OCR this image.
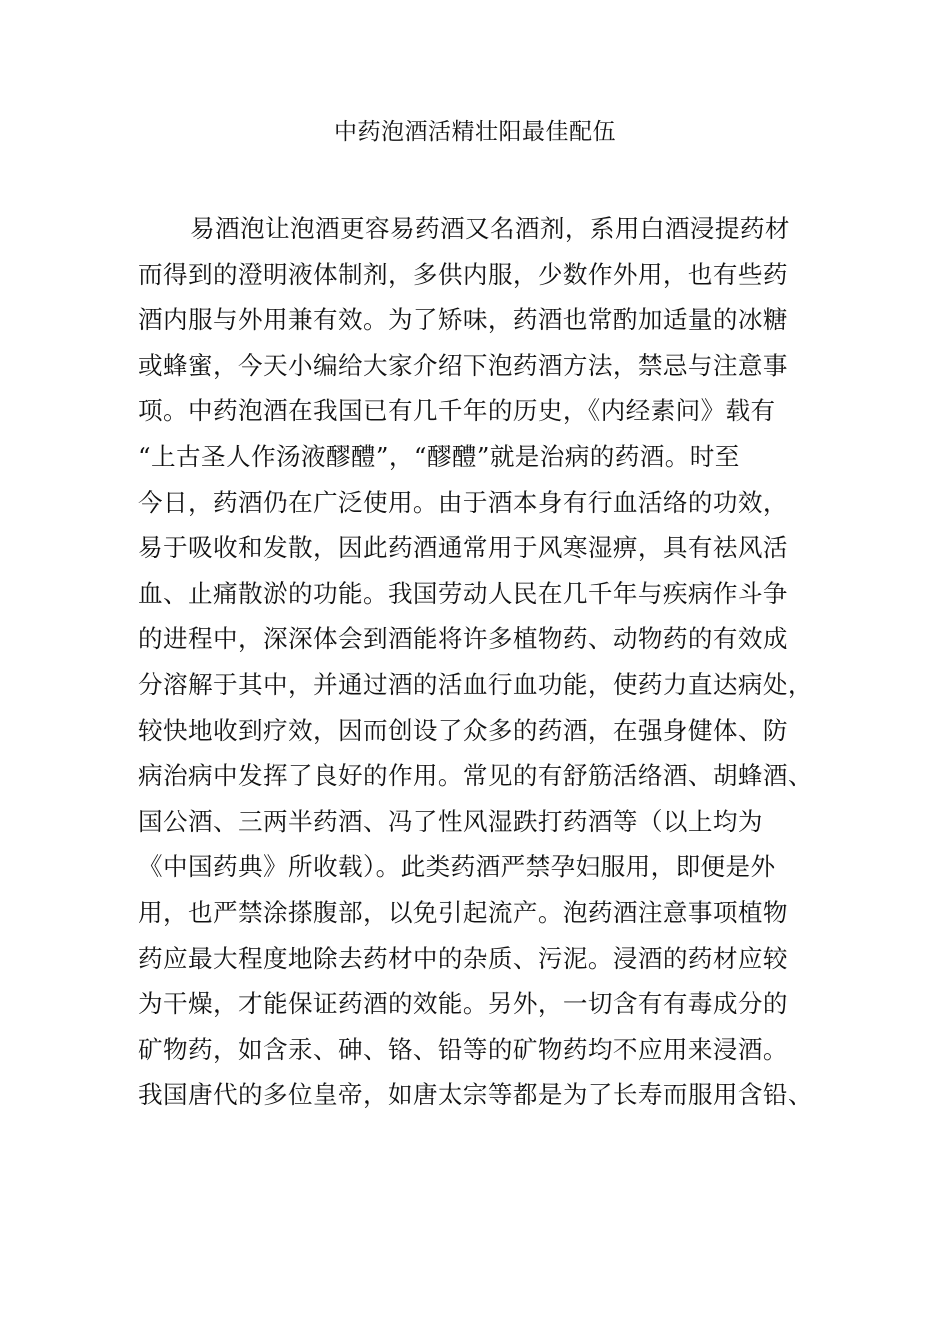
中药泡酒活精壮阳最佳配伍
易酒泡让泡酒更容易药酒又名酒剂，系用白酒浸提药材
而得到的澄明液体制剂，多供内服，少数作外用，也有些药
酒内服与外用兼有效。为了矫味，药酒也常酌加适量的冰糖
或蜂蜜，今天小编给大家介绍下泡药酒方法，禁忌与注意事
项。中药泡酒在我国已有几千年的历史，《内经素问》载有
“上古圣人作汤液醪醴”，“醪醴”就是治病的药酒。时至
今日，药酒仍在广泛使用。由于酒本身有行血活络的功效，
易于吸收和发散，因此药酒通常用于风寒湿痹，具有祛风活
血、止痛散淤的功能。我国劳动人民在几千年与疾病作斗争
的进程中，深深体会到酒能将许多植物药、动物药的有效成
分溶解于其中，并通过酒的活血行血功能，使药力直达病处，
较快地收到疗效，因而创设了众多的药酒，在强身健体、防
病治病中发挥了良好的作用。常见的有舒筋活络酒、胡蜂酒、
国公酒、三两半药酒、冯了性风湿跌打药酒等（以上均为
《中国药典》所收载）。此类药酒严禁孕妇服用，即便是外
用，也严禁涂搽腹部，以免引起流产。泡药酒注意事项植物
药应最大程度地除去药材中的杂质、污泥。浸酒的药材应较
为干燥，才能保证药酒的效能。另外，一切含有有毒成分的
矿物药，如含汞、砷、铬、铅等的矿物药均不应用来浸酒。
我国唐代的多位皇帝，如唐太宗等都是为了长寿而服用含铅、
